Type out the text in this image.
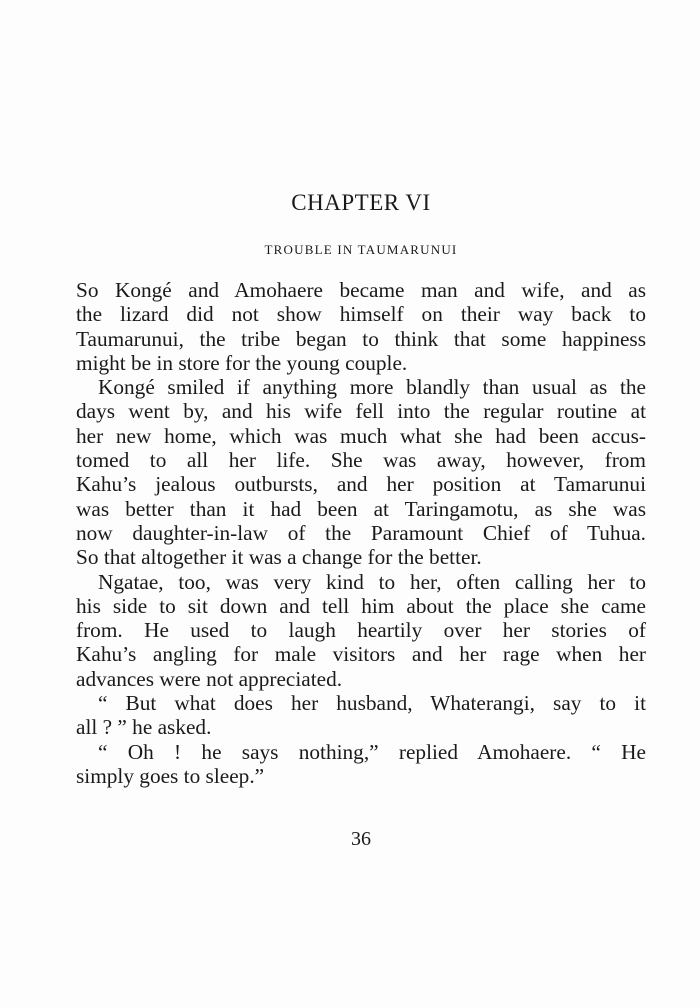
CHAPTER VI
TROUBLE IN TAUMARUNUI
So Kongé and Amohaere became man and wife, and as
the lizard did not show himself on their way back to
Taumarunui, the tribe began to think that some happiness
might be in store for the young couple.
Kongé smiled if anything more blandly than usual as the
days went by, and his wife fell into the regular routine at
her new home, which was much what she had been accus-
tomed to all her life. She was away, however, from
Kahu’s jealous outbursts, and her position at Tamarunui
was better than it had been at Taringamotu, as she was
now daughter-in-law of the Paramount Chief of Tuhua.
So that altogether it was a change for the better.
Ngatae, too, was very kind to her, often calling her to
his side to sit down and tell him about the place she came
from. He used to laugh heartily over her stories of
Kahu’s angling for male visitors and her rage when her
advances were not appreciated.
“ But what does her husband, Whaterangi, say to it
all ? ” he asked.
“ Oh ! he says nothing,” replied Amohaere. “ He
simply goes to sleep.”
36
